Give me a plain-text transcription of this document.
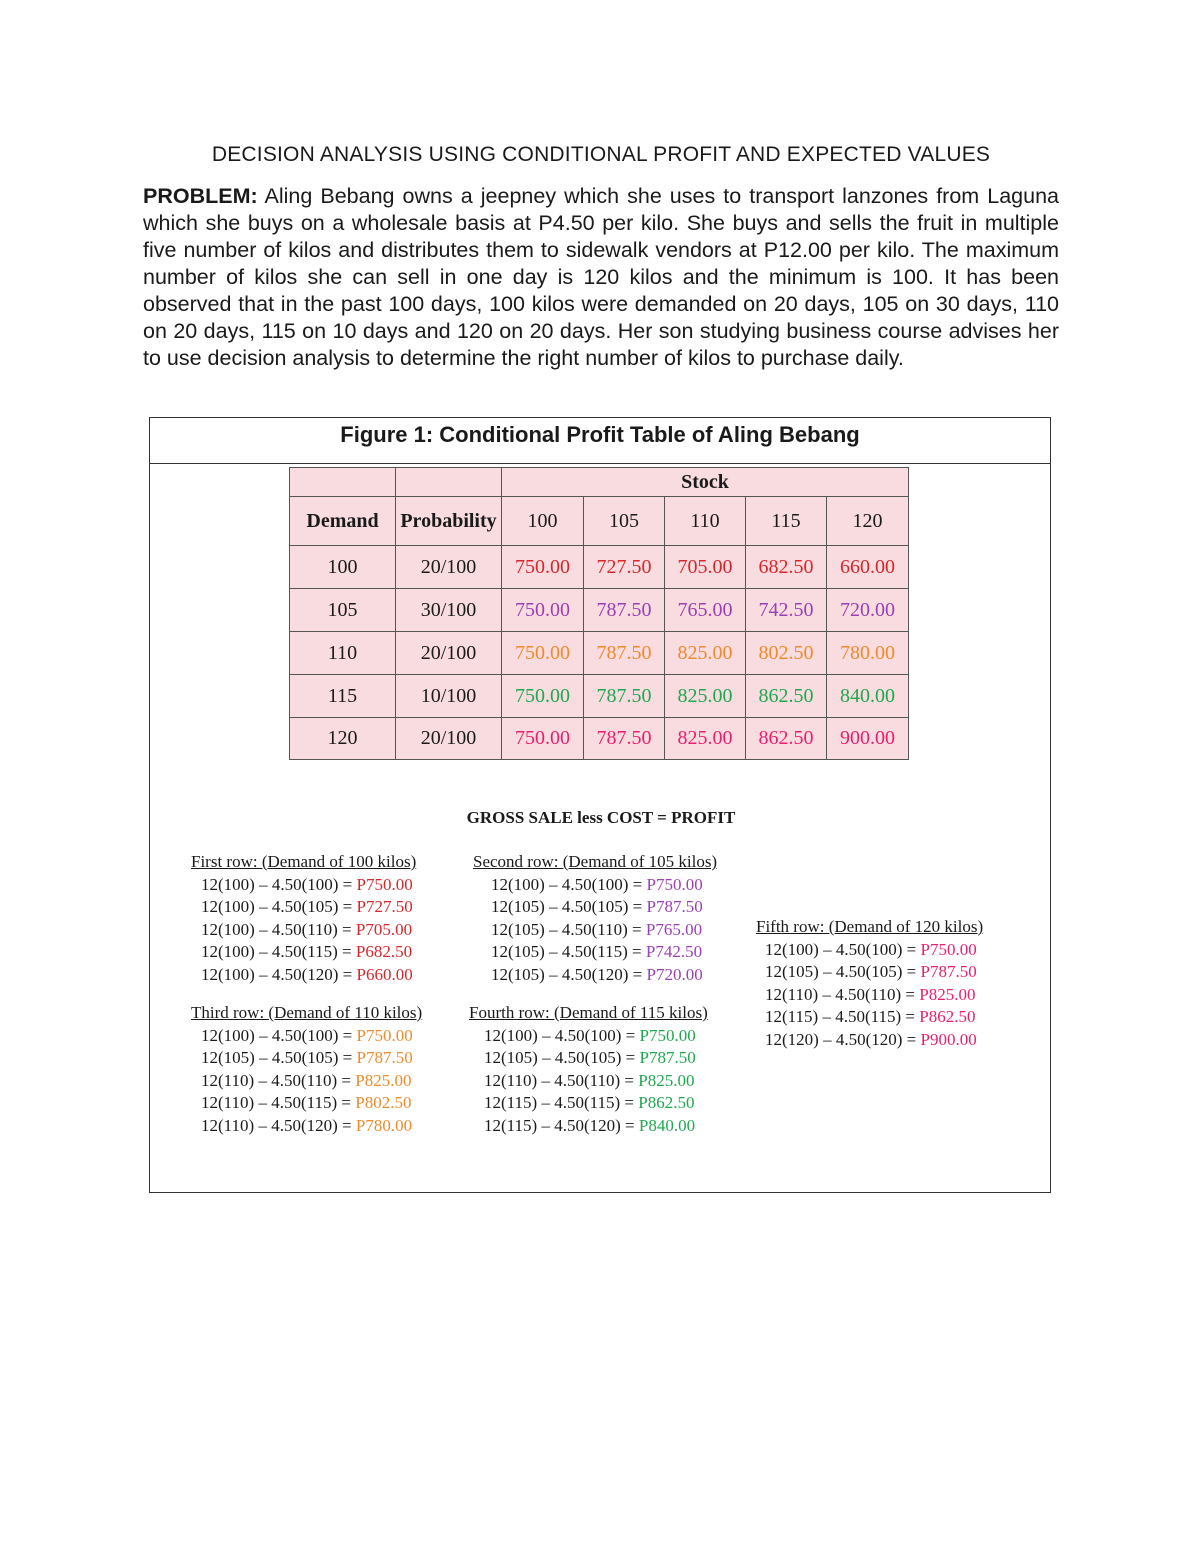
DECISION ANALYSIS USING CONDITIONAL PROFIT AND EXPECTED VALUES
PROBLEM: Aling Bebang owns a jeepney which she uses to transport lanzones from Laguna which she buys on a wholesale basis at P4.50 per kilo. She buys and sells the fruit in multiple five number of kilos and distributes them to sidewalk vendors at P12.00 per kilo. The maximum number of kilos she can sell in one day is 120 kilos and the minimum is 100. It has been observed that in the past 100 days, 100 kilos were demanded on 20 days, 105 on 30 days, 110 on 20 days, 115 on 10 days and 120 on 20 days. Her son studying business course advises her to use decision analysis to determine the right number of kilos to purchase daily.
Figure 1: Conditional Profit Table of Aling Bebang
		Stock				
Demand	Probability	100	105	110	115	120
100	20/100	750.00	727.50	705.00	682.50	660.00
105	30/100	750.00	787.50	765.00	742.50	720.00
110	20/100	750.00	787.50	825.00	802.50	780.00
115	10/100	750.00	787.50	825.00	862.50	840.00
120	20/100	750.00	787.50	825.00	862.50	900.00
GROSS SALE less COST = PROFIT
First row: (Demand of 100 kilos)
12(100) – 4.50(100) = P750.00
12(100) – 4.50(105) = P727.50
12(100) – 4.50(110) = P705.00
12(100) – 4.50(115) = P682.50
12(100) – 4.50(120) = P660.00
Second row: (Demand of 105 kilos)
12(100) – 4.50(100) = P750.00
12(105) – 4.50(105) = P787.50
12(105) – 4.50(110) = P765.00
12(105) – 4.50(115) = P742.50
12(105) – 4.50(120) = P720.00
Third row: (Demand of 110 kilos)
12(100) – 4.50(100) = P750.00
12(105) – 4.50(105) = P787.50
12(110) – 4.50(110) = P825.00
12(110) – 4.50(115) = P802.50
12(110) – 4.50(120) = P780.00
Fourth row: (Demand of 115 kilos)
12(100) – 4.50(100) = P750.00
12(105) – 4.50(105) = P787.50
12(110) – 4.50(110) = P825.00
12(115) – 4.50(115) = P862.50
12(115) – 4.50(120) = P840.00
Fifth row: (Demand of 120 kilos)
12(100) – 4.50(100) = P750.00
12(105) – 4.50(105) = P787.50
12(110) – 4.50(110) = P825.00
12(115) – 4.50(115) = P862.50
12(120) – 4.50(120) = P900.00
